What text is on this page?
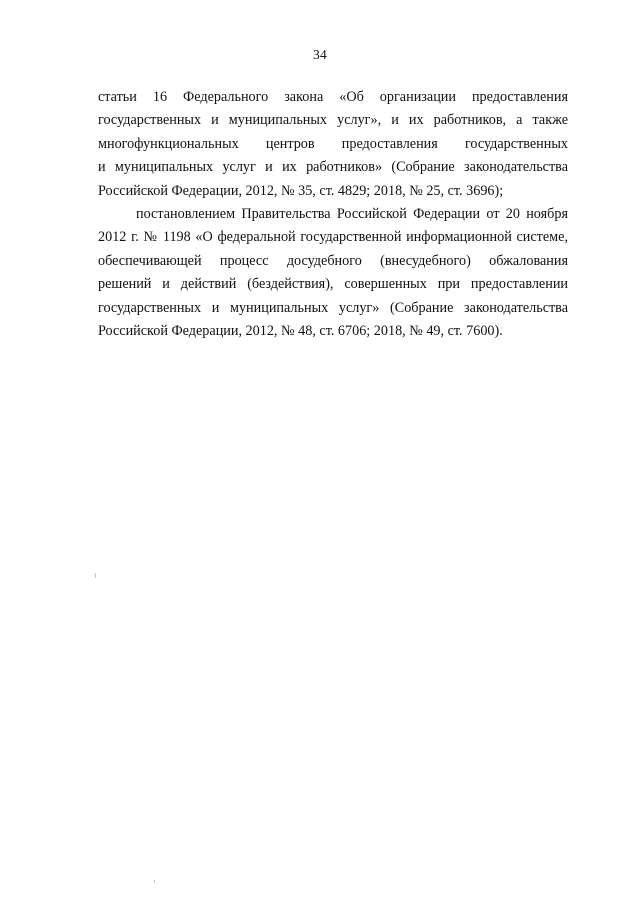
34
статьи 16 Федерального закона «Об организации предоставления
государственных и муниципальных услуг», и их работников, а также
многофункциональных центров предоставления государственных
и муниципальных услуг и их работников» (Собрание законодательства
Российской Федерации, 2012, № 35, ст. 4829; 2018, № 25, ст. 3696);
постановлением Правительства Российской Федерации от 20 ноября
2012 г. № 1198 «О федеральной государственной информационной системе,
обеспечивающей процесс досудебного (внесудебного) обжалования
решений и действий (бездействия), совершенных при предоставлении
государственных и муниципальных услуг» (Собрание законодательства
Российской Федерации, 2012, № 48, ст. 6706; 2018, № 49, ст. 7600).
